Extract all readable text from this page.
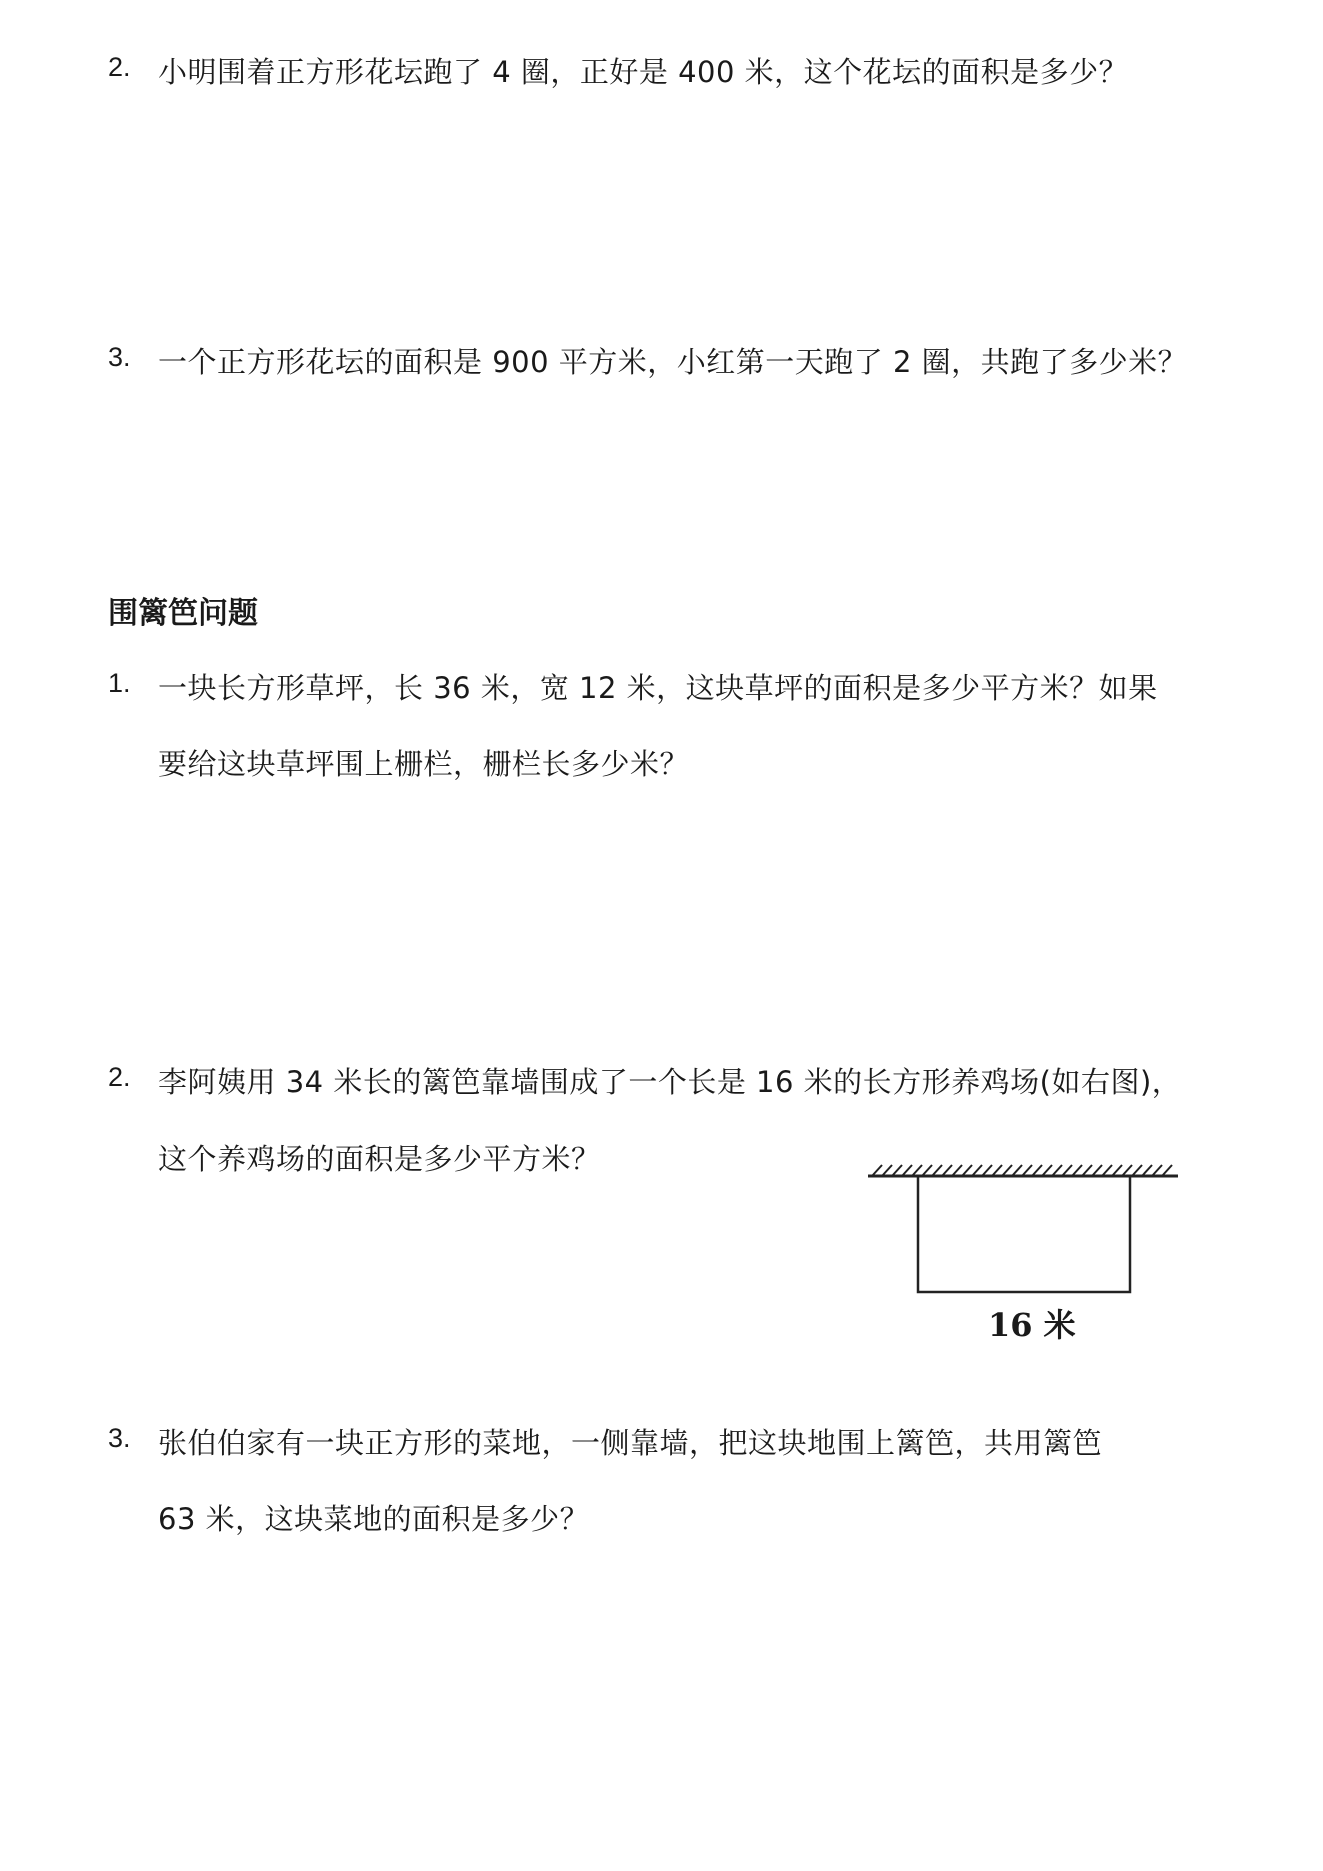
2. 小明围着正方形花坛跑了 4 圈，正好是 400 米，这个花坛的面积是多少？
3. 一个正方形花坛的面积是 900 平方米，小红第一天跑了 2 圈，共跑了多少米？
围篱笆问题
1. 一块长方形草坪，长 36 米，宽 12 米，这块草坪的面积是多少平方米？如果
要给这块草坪围上栅栏，栅栏长多少米？
2. 李阿姨用 34 米长的篱笆靠墙围成了一个长是 16 米的长方形养鸡场(如右图)，
这个养鸡场的面积是多少平方米？
16 米
3. 张伯伯家有一块正方形的菜地，一侧靠墙，把这块地围上篱笆，共用篱笆
63 米，这块菜地的面积是多少？
